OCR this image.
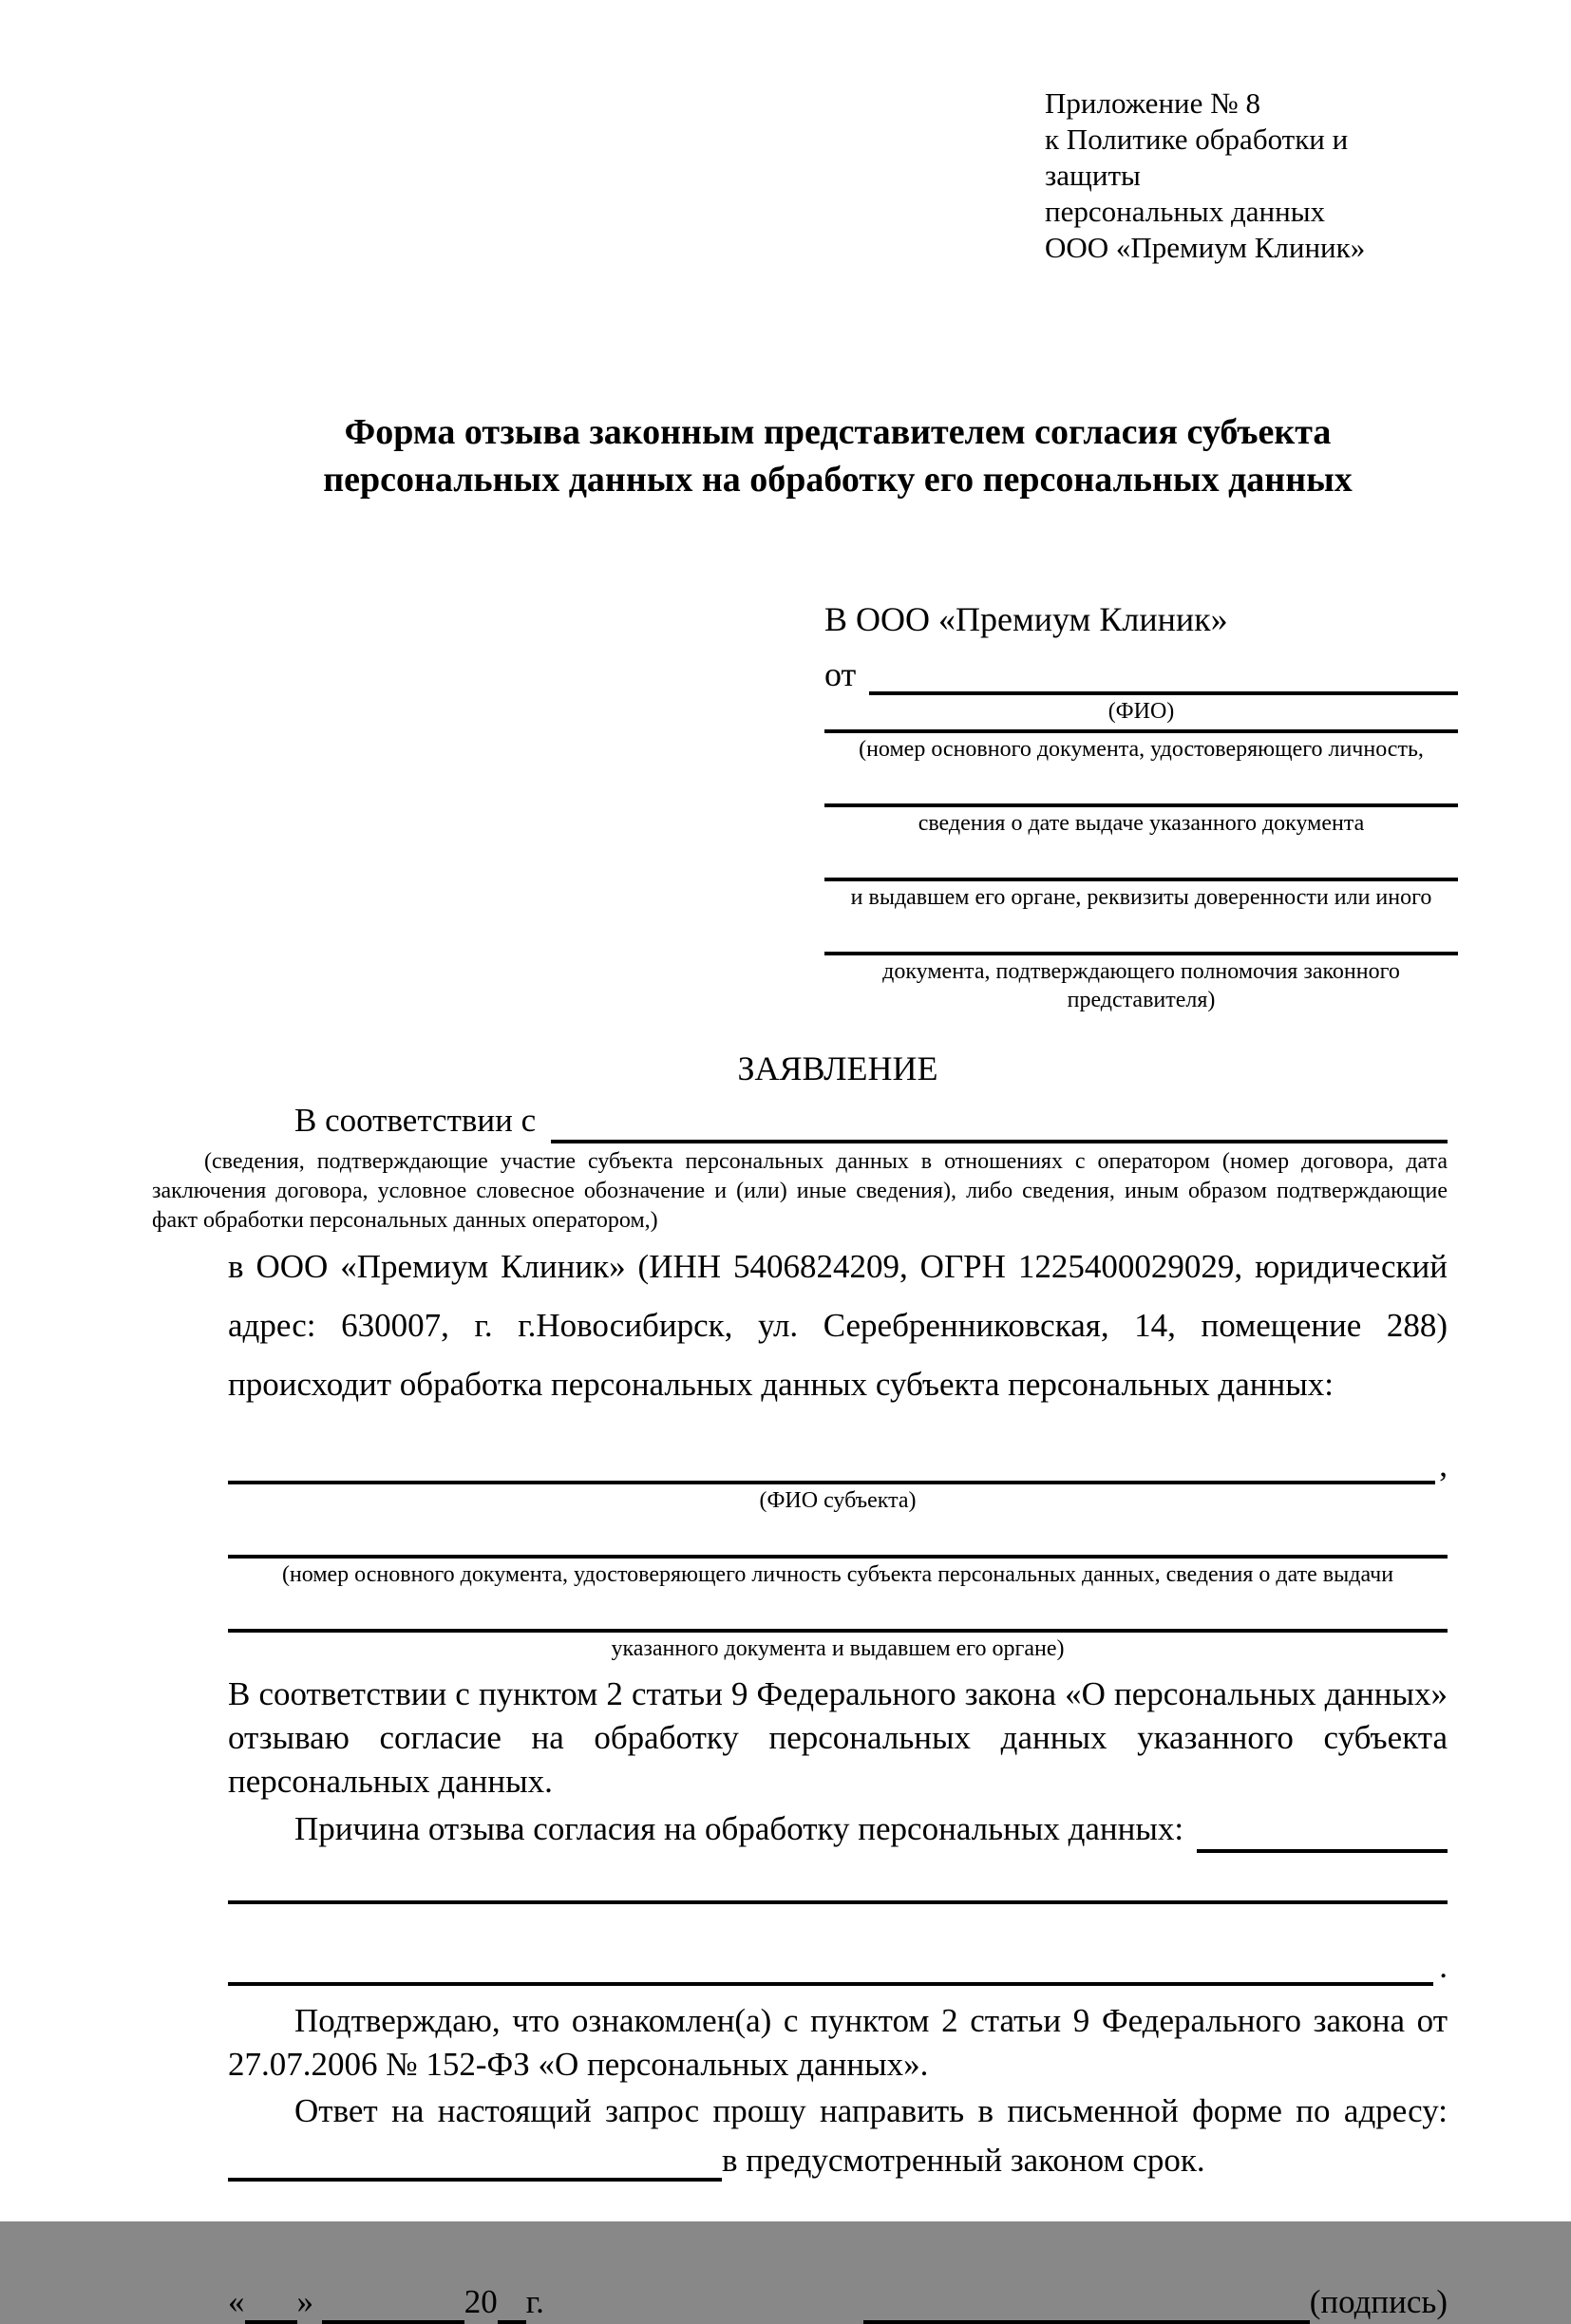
Приложение № 8
к Политике обработки и защиты
персональных данных
ООО «Премиум Клиник»
Форма отзыва законным представителем согласия субъекта
персональных данных на обработку его персональных данных
В ООО «Премиум Клиник»
от
(ФИО)
(номер основного документа, удостоверяющего личность,
сведения о дате выдаче указанного документа
и выдавшем его органе, реквизиты доверенности или иного
документа, подтверждающего полномочия законного представителя)
ЗАЯВЛЕНИЕ
В соответствии с
(сведения, подтверждающие участие субъекта персональных данных в отношениях с оператором (номер договора, дата заключения договора, условное словесное обозначение и (или) иные сведения), либо сведения, иным образом подтверждающие факт обработки персональных данных оператором,)
в ООО «Премиум Клиник» (ИНН 5406824209, ОГРН 1225400029029, юридический адрес: 630007, г. г.Новосибирск, ул. Серебренниковская, 14, помещение 288) происходит обработка персональных данных субъекта персональных данных:
,
(ФИО субъекта)
(номер основного документа, удостоверяющего личность субъекта персональных данных, сведения о дате выдачи
указанного документа и выдавшем его органе)
В соответствии с пунктом 2 статьи 9 Федерального закона «О персональных данных» отзываю согласие на обработку персональных данных указанного субъекта персональных данных.
Причина отзыва согласия на обработку персональных данных:
.
Подтверждаю, что ознакомлен(а) с пунктом 2 статьи 9 Федерального закона от 27.07.2006 № 152-ФЗ «О персональных данных».
Ответ на настоящий запрос прошу направить в письменной форме по адресу:
в предусмотренный законом срок.
« »
	20 г.	(подпись)
